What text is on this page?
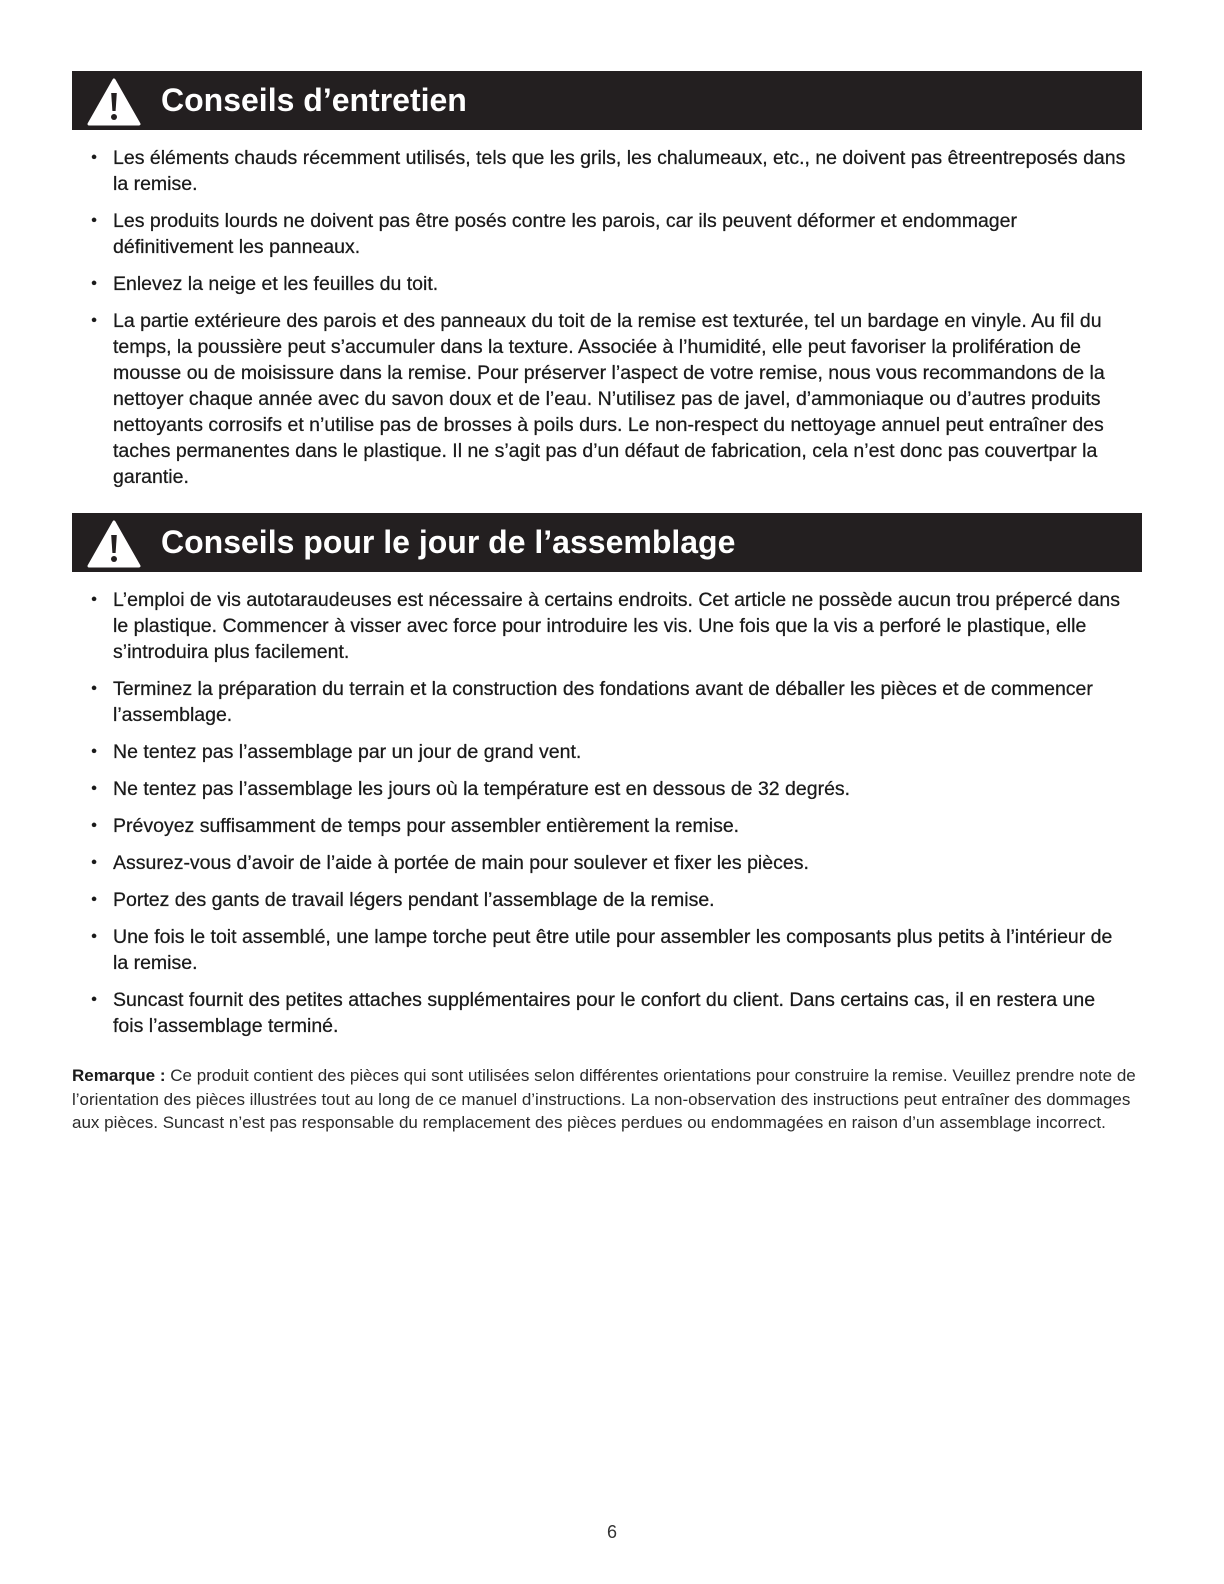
Conseils d’entretien
• Les éléments chauds récemment utilisés, tels que les grils, les chalumeaux, etc., ne doivent pas êtreentreposés dans la remise.
• Les produits lourds ne doivent pas être posés contre les parois, car ils peuvent déformer et endommager définitivement les panneaux.
• Enlevez la neige et les feuilles du toit.
• La partie extérieure des parois et des panneaux du toit de la remise est texturée, tel un bardage en vinyle. Au fil du temps, la poussière peut s’accumuler dans la texture. Associée à l’humidité, elle peut favoriser la prolifération de mousse ou de moisissure dans la remise. Pour préserver l’aspect de votre remise, nous vous recommandons de la nettoyer chaque année avec du savon doux et de l’eau. N’utilisez pas de javel, d’ammoniaque ou d’autres produits nettoyants corrosifs et n’utilise pas de brosses à poils durs. Le non-respect du nettoyage annuel peut entraîner des taches permanentes dans le plastique. Il ne s’agit pas d’un défaut de fabrication, cela n’est donc pas couvertpar la garantie.
Conseils pour le jour de l’assemblage
• L’emploi de vis autotaraudeuses est nécessaire à certains endroits. Cet article ne possède aucun trou prépercé dans le plastique. Commencer à visser avec force pour introduire les vis. Une fois que la vis a perforé le plastique, elle s’introduira plus facilement.
• Terminez la préparation du terrain et la construction des fondations avant de déballer les pièces et de commencer l’assemblage.
• Ne tentez pas l’assemblage par un jour de grand vent.
• Ne tentez pas l’assemblage les jours où la température est en dessous de 32 degrés.
• Prévoyez suffisamment de temps pour assembler entièrement la remise.
• Assurez-vous d’avoir de l’aide à portée de main pour soulever et fixer les pièces.
• Portez des gants de travail légers pendant l’assemblage de la remise.
• Une fois le toit assemblé, une lampe torche peut être utile pour assembler les composants plus petits à l’intérieur de la remise.
• Suncast fournit des petites attaches supplémentaires pour le confort du client. Dans certains cas, il en restera une fois l’assemblage terminé.
Remarque : Ce produit contient des pièces qui sont utilisées selon différentes orientations pour construire la remise. Veuillez prendre note de l’orientation des pièces illustrées tout au long de ce manuel d’instructions. La non-observation des instructions peut entraîner des dommages aux pièces. Suncast n’est pas responsable du remplacement des pièces perdues ou endommagées en raison d’un assemblage incorrect.
6
